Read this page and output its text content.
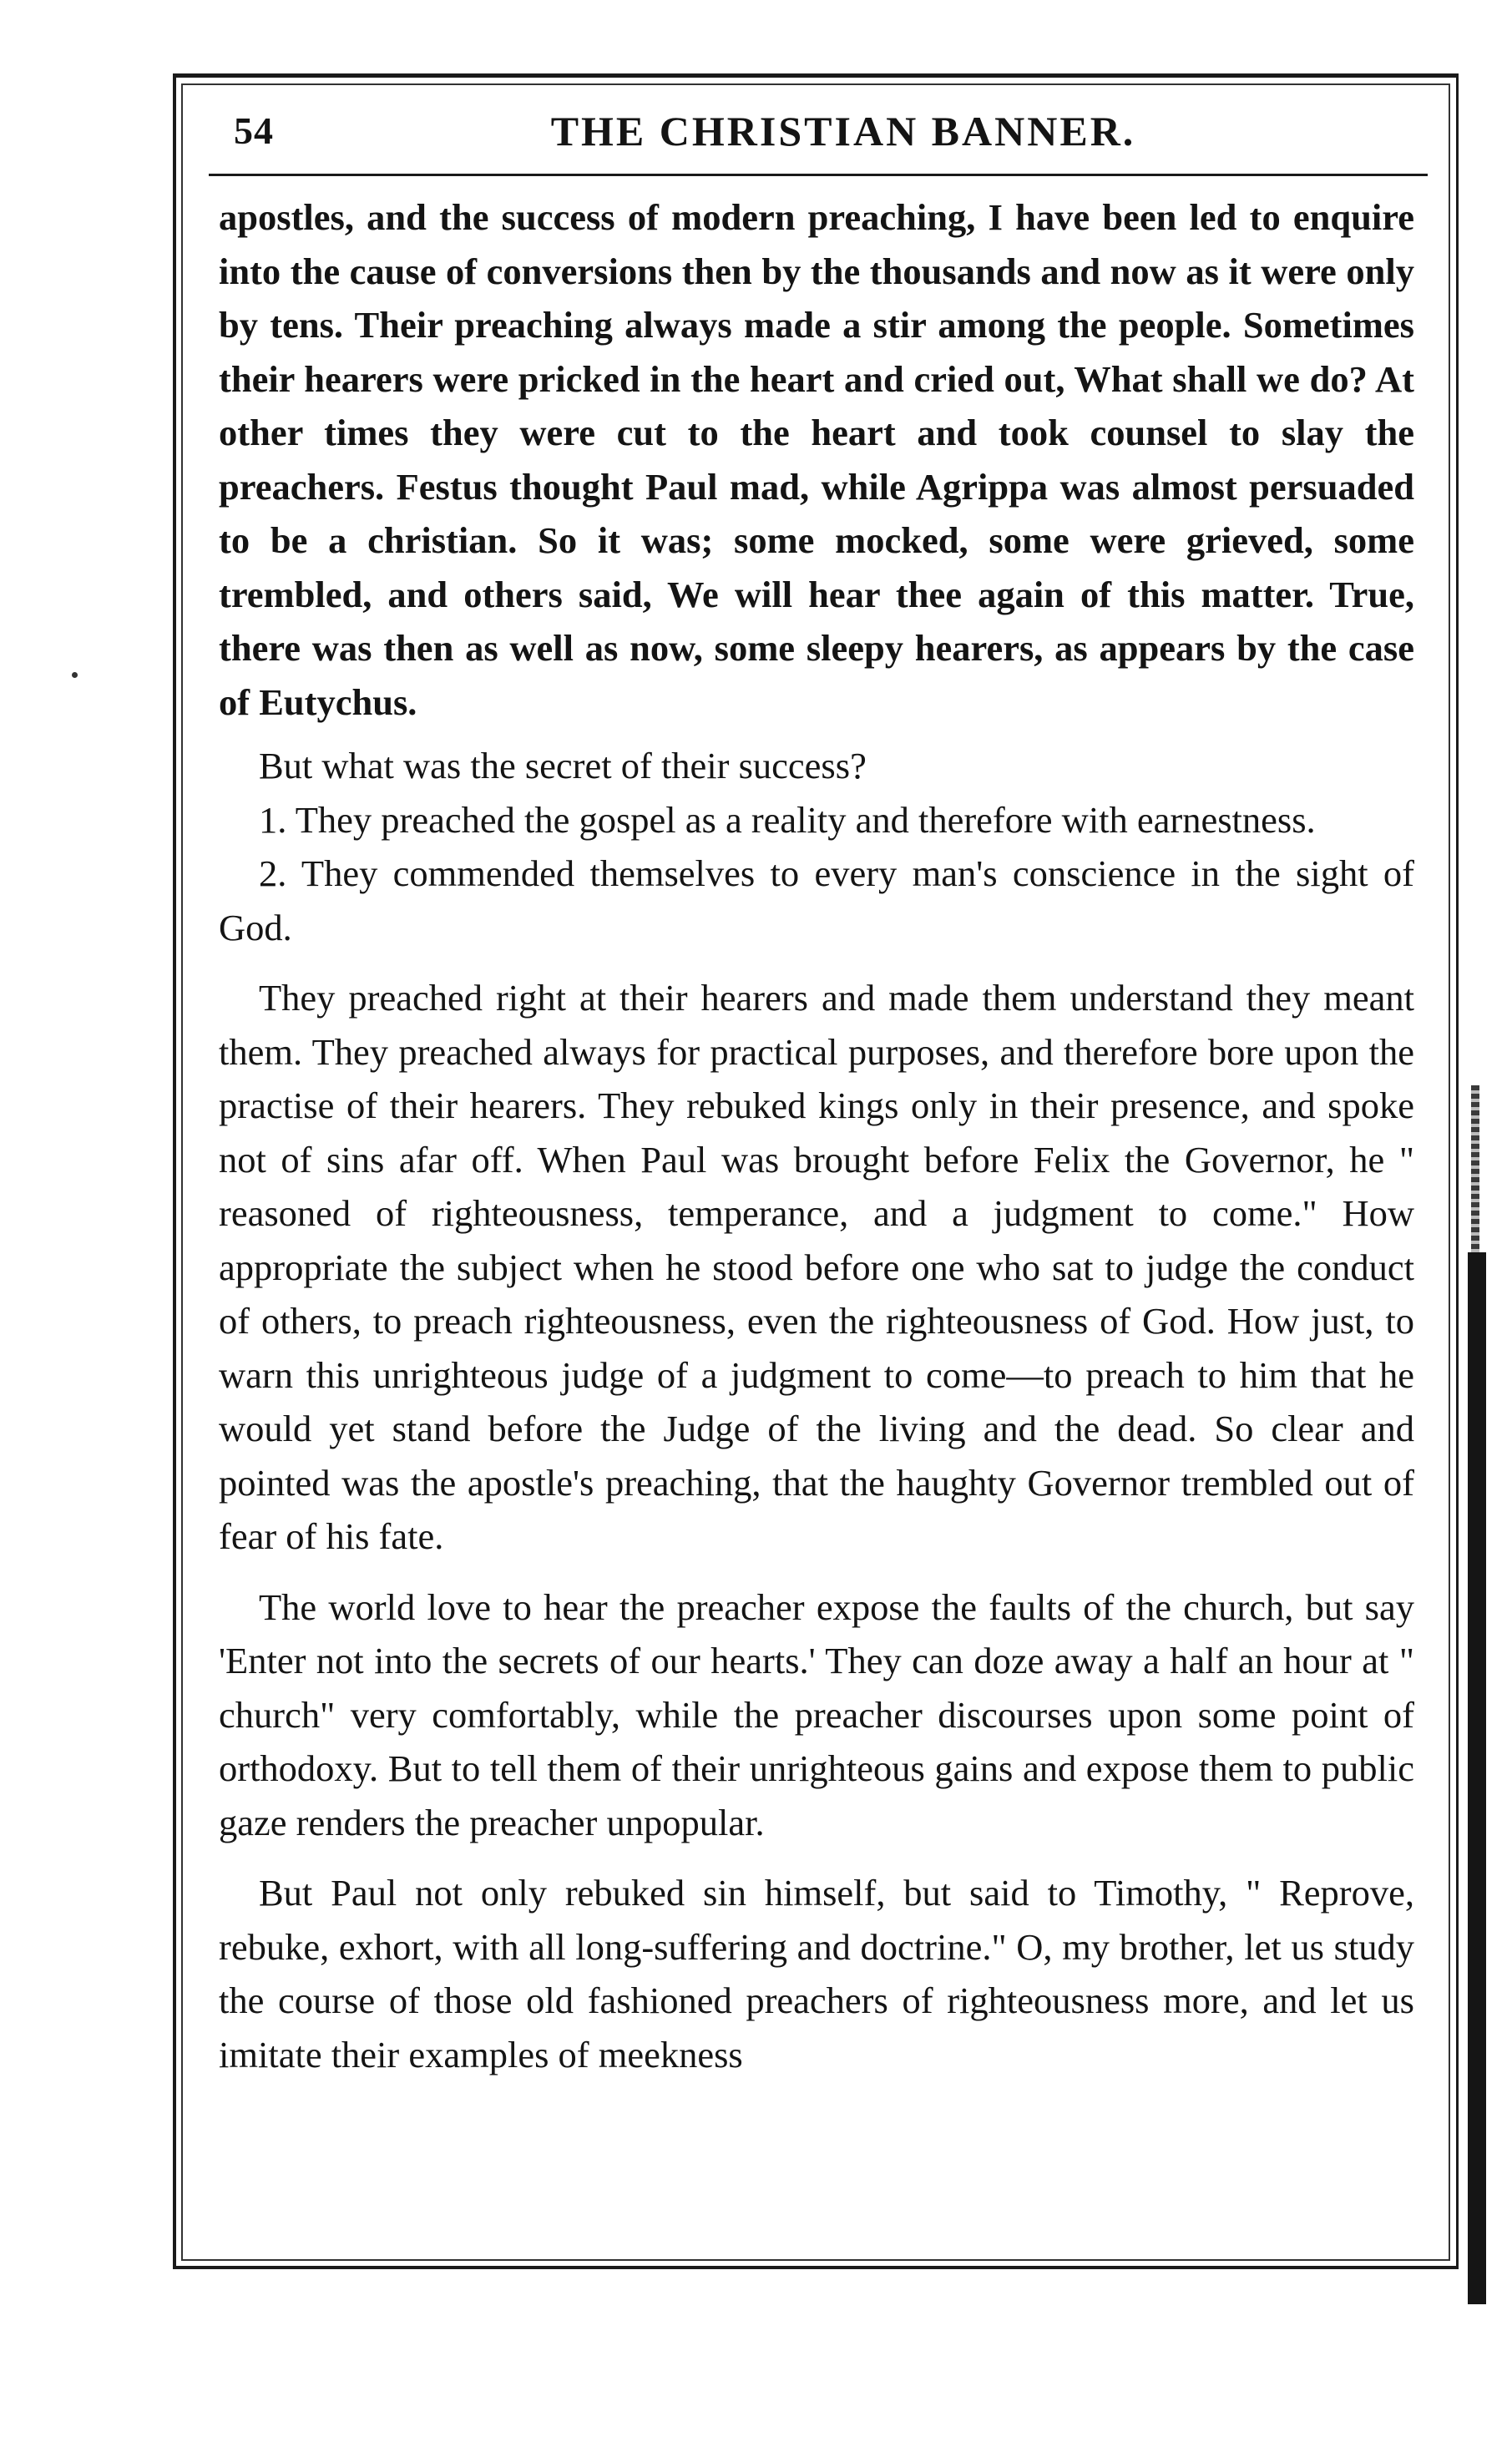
54	THE CHRISTIAN BANNER.

apostles, and the success of modern preaching, I have been led to enquire into the cause of conversions then by the thousands and now as it were only by tens. Their preaching always made a stir among the people. Sometimes their hearers were pricked in the heart and cried out, What shall we do? At other times they were cut to the heart and took counsel to slay the preachers. Festus thought Paul mad, while Agrippa was almost persuaded to be a christian. So it was; some mocked, some were grieved, some trembled, and others said, We will hear thee again of this matter. True, there was then as well as now, some sleepy hearers, as appears by the case of Eutychus.

But what was the secret of their success?

1. They preached the gospel as a reality and therefore with earnestness.

2. They commended themselves to every man's conscience in the sight of God.

They preached right at their hearers and made them understand they meant them. They preached always for practical purposes, and therefore bore upon the practise of their hearers. They rebuked kings only in their presence, and spoke not of sins afar off. When Paul was brought before Felix the Governor, he " reasoned of righteousness, temperance, and a judgment to come." How appropriate the subject when he stood before one who sat to judge the conduct of others, to preach righteousness, even the righteousness of God. How just, to warn this unrighteous judge of a judgment to come—to preach to him that he would yet stand before the Judge of the living and the dead. So clear and pointed was the apostle's preaching, that the haughty Governor trembled out of fear of his fate.

The world love to hear the preacher expose the faults of the church, but say 'Enter not into the secrets of our hearts.' They can doze away a half an hour at " church" very comfortably, while the preacher discourses upon some point of orthodoxy. But to tell them of their unrighteous gains and expose them to public gaze renders the preacher unpopular.

But Paul not only rebuked sin himself, but said to Timothy, " Reprove, rebuke, exhort, with all long-suffering and doctrine." O, my brother, let us study the course of those old fashioned preachers of righteousness more, and let us imitate their examples of meekness
